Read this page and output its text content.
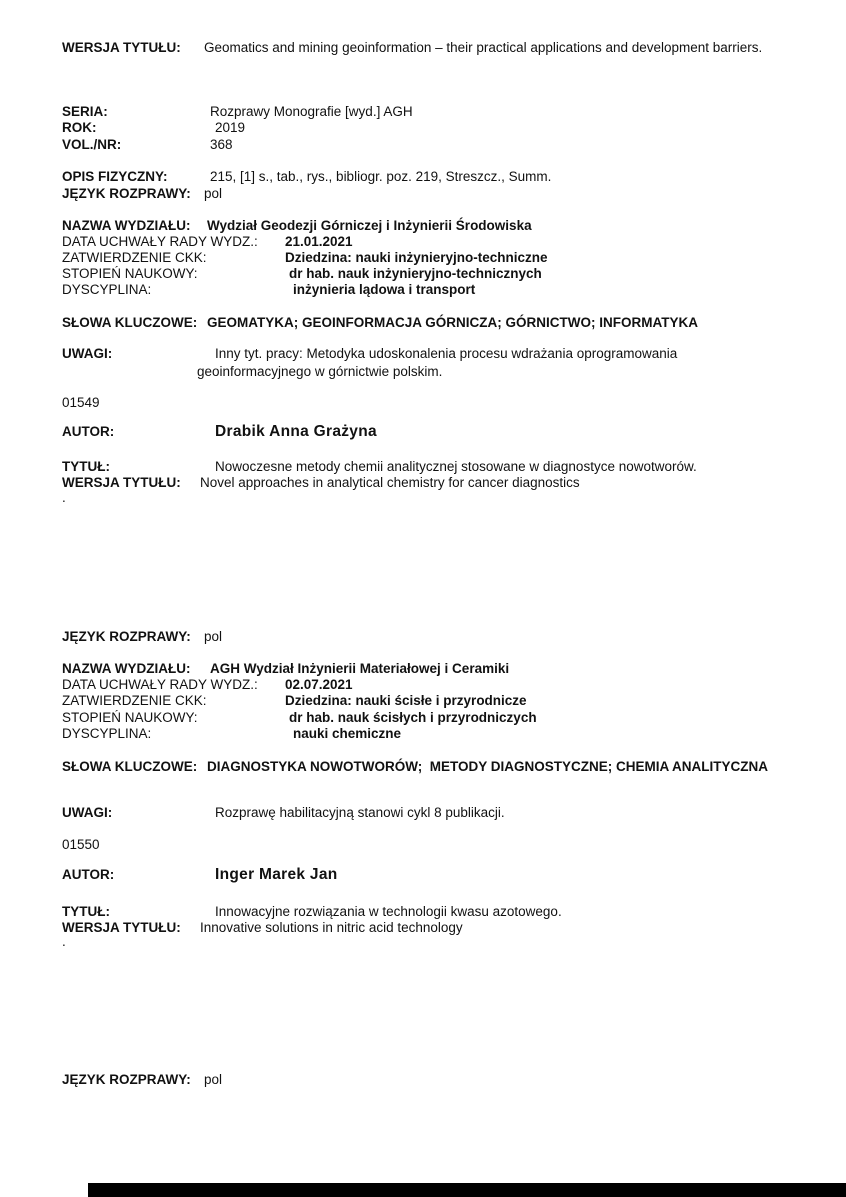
WERSJA TYTUŁU: Geomatics and mining geoinformation – their practical applications and development barriers.
SERIA:	Rozprawy Monografie [wyd.] AGH
ROK:	2019
VOL./NR:	368
OPIS FIZYCZNY:	215, [1] s., tab., rys., bibliogr. poz. 219, Streszcz., Summ.
JĘZYK ROZPRAWY: pol
NAZWA WYDZIAŁU: Wydział Geodezji Górniczej i Inżynierii Środowiska
DATA UCHWAŁY RADY WYDZ.: 21.01.2021
ZATWIERDZENIE CKK:	Dziedzina: nauki inżynieryjno-techniczne
STOPIEŃ NAUKOWY:	dr hab. nauk inżynieryjno-technicznych
DYSCYPLINA:	inżynieria lądowa i transport
SŁOWA KLUCZOWE: GEOMATYKA; GEOINFORMACJA GÓRNICZA; GÓRNICTWO; INFORMATYKA
UWAGI:	Inny tyt. pracy: Metodyka udoskonalenia procesu wdrażania oprogramowania
geoinformacyjnego w górnictwie polskim.
01549
AUTOR:	Drabik Anna Grażyna
TYTUŁ:	Nowoczesne metody chemii analitycznej stosowane w diagnostyce nowotworów.
WERSJA TYTUŁU: Novel approaches in analytical chemistry for cancer diagnostics
.
JĘZYK ROZPRAWY: pol
NAZWA WYDZIAŁU: AGH Wydział Inżynierii Materiałowej i Ceramiki
DATA UCHWAŁY RADY WYDZ.: 02.07.2021
ZATWIERDZENIE CKK:	Dziedzina: nauki ścisłe i przyrodnicze
STOPIEŃ NAUKOWY:	dr hab. nauk ścisłych i przyrodniczych
DYSCYPLINA:	nauki chemiczne
SŁOWA KLUCZOWE: DIAGNOSTYKA NOWOTWORÓW;  METODY DIAGNOSTYCZNE; CHEMIA ANALITYCZNA
UWAGI:	Rozprawę habilitacyjną stanowi cykl 8 publikacji.
01550
AUTOR:	Inger Marek Jan
TYTUŁ:	Innowacyjne rozwiązania w technologii kwasu azotowego.
WERSJA TYTUŁU: Innovative solutions in nitric acid technology
.
JĘZYK ROZPRAWY: pol
